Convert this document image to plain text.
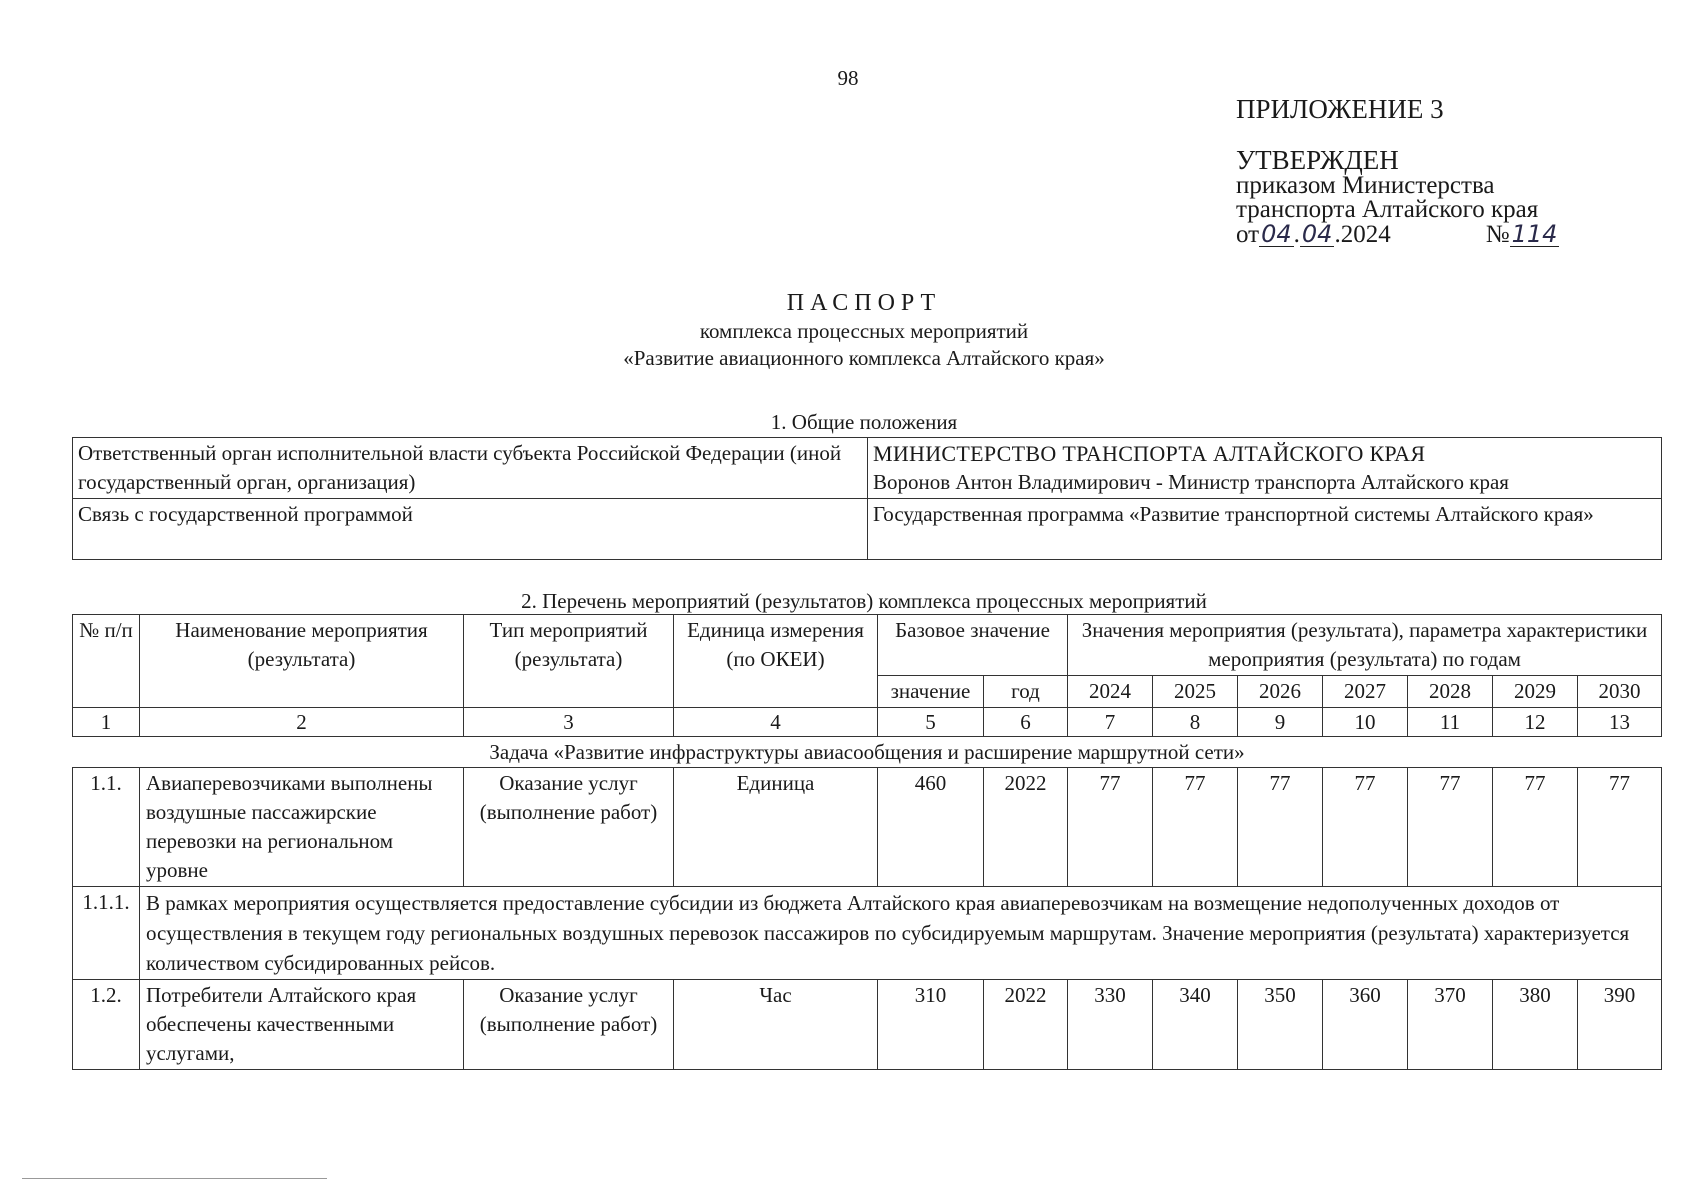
98
ПРИЛОЖЕНИЕ 3
УТВЕРЖДЕН
приказом Министерства
транспорта Алтайского края
от 04 . 04 .2024	№ 114
ПАСПОРТ
комплекса процессных мероприятий
«Развитие авиационного комплекса Алтайского края»
1. Общие положения
Ответственный орган исполнительной власти субъекта Российской Федерации (иной государственный орган, организация)	МИНИСТЕРСТВО ТРАНСПОРТА АЛТАЙСКОГО КРАЯ
Воронов Антон Владимирович - Министр транспорта Алтайского края

Связь с государственной программой	Государственная программа «Развитие транспортной системы Алтайского края»
2. Перечень мероприятий (результатов) комплекса процессных мероприятий
№ п/п	Наименование мероприятия (результата)	Тип мероприятий (результата)	Единица измерения (по ОКЕИ)	Базовое значение		Значения мероприятия (результата), параметра характеристики мероприятия (результата) по годам						
				значение	год	2024	2025	2026	2027	2028	2029	2030
1	2	3	4	5	6	7	8	9	10	11	12	13
Задача «Развитие инфраструктуры авиасообщения и расширение маршрутной сети»												
1.1.	Авиаперевозчиками выполнены воздушные пассажирские перевозки на региональном уровне	Оказание услуг (выполнение работ)	Единица	460	2022	77	77	77	77	77	77	77
1.1.1.	В рамках мероприятия осуществляется предоставление субсидии из бюджета Алтайского края авиаперевозчикам на возмещение недополученных доходов от осуществления в текущем году региональных воздушных перевозок пассажиров по субсидируемым маршрутам. Значение мероприятия (результата) характеризуется количеством субсидированных рейсов.											
1.2.	Потребители Алтайского края обеспечены качественными услугами,	Оказание услуг (выполнение работ)	Час	310	2022	330	340	350	360	370	380	390
